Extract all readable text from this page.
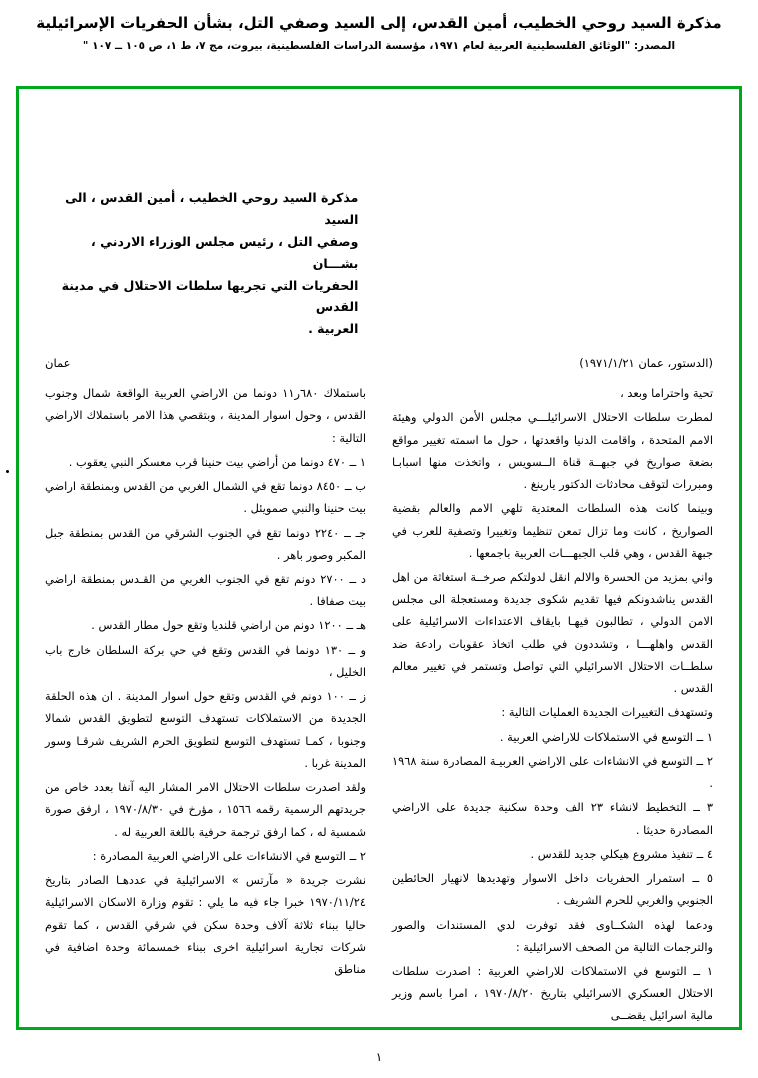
مذكرة السيد روحي الخطيب، أمين القدس، إلى السيد وصفي التل، بشأن الحفريات الإسرائيلية
المصدر: "الوثائق الفلسطينية العربية لعام ١٩٧١، مؤسسة الدراسات الفلسطينية، بيروت، مج ٧، ط ١، ص ١٠٥ ــ ١٠٧ "
مذكرة السيد روحي الخطيب ، أمين القدس ، الى السيد
وصفي التل ، رئيس مجلس الوزراء الاردني ، بشـــان
الحفريات التي تجريها سلطات الاحتلال في مدينة القدس
العربية .
(الدستور، عمان ١٩٧١/١/٢١)
عمان

تحية واحتراما وبعد ،

لمطرت سلطات الاحتلال الاسرائيلـــي مجلس الأمن الدولي وهيئة الامم المتحدة ، واقامت الدنيا واقعدتها ، حول ما اسمته تغيير مواقع بضعة صواريخ في جبهــة قناة الــسويس ، واتخذت منها اسبابـا ومبررات لتوقف محادثات الدكتور يارينغ .

وبينما كانت هذه السلطات المعتدية تلهي الامم والعالم بقضية الصواريخ ، كانت وما تزال تمعن تنظيما وتغييرا وتصفية للعرب في جبهة القدس ، وهي قلب الجبهـــات العربية باجمعها .

واني بمزيد من الحسرة والالم انقل لدولتكم صرخــة استغاثة من اهل القدس يناشدونكم فيها تقديم شكوى جديدة ومستعجلة الى مجلس الامن الدولي ، تطالبون فيهـا بايقاف الاعتداءات الاسرائيلية على القدس واهلهـــا ، وتشددون في طلب اتخاذ عقوبات رادعة ضد سلطــات الاحتلال الاسرائيلي التي تواصل وتستمر في تغيير معالم القدس .

وتستهدف التغييرات الجديدة العمليات التالية :

١ ــ التوسع في الاستملاكات للاراضي العربية .

٢ ــ التوسع في الانشاءات على الاراضي العربيـة المصادرة سنة ١٩٦٨ .

٣ ــ التخطيط لانشاء ٢٣ الف وحدة سكنية جديدة على الاراضي المصادرة حديثا .

٤ ــ تنفيذ مشروع هيكلي جديد للقدس .

٥ ــ استمرار الحفريات داخل الاسوار وتهديدها لانهيار الحائطين الجنوبي والغربي للحرم الشريف .

ودعما لهذه الشكــاوى فقد توفرت لدي المستندات والصور والترجمات التالية من الصحف الاسرائيلية :

١ ــ التوسع في الاستملاكات للاراضي العربية : اصدرت سلطات الاحتلال العسكري الاسرائيلي بتاريخ ١٩٧٠/٨/٢٠ ، امرا باسم وزير مالية اسرائيل يقضــى

باستملاك ٦٨٠ر١١ دونما من الاراضي العربية الواقعة شمال وجنوب القدس ، وحول اسوار المدينة ، وبتقصي هذا الامر باستملاك الاراضي التالية :

١ ــ ٤٧٠ دونما من أراضي بيت حنينا قرب معسكر النبي يعقوب .

ب ــ ٨٤٥٠ دونما تقع في الشمال الغربي من القدس وبمنطقة اراضي بيت حنينا والنبي صمويئل .

جـ ــ ٢٢٤٠ دونما تقع في الجنوب الشرقي من القدس بمنطقة جبل المكبر وصور باهر .

د ــ ٢٧٠٠ دونم تقع في الجنوب الغربي من القـدس بمنطقة اراضي بيت صفافا .

هـ ــ ١٢٠٠ دونم من اراضي قلنديا وتقع حول مطار القدس .

و ــ ١٣٠ دونما في القدس وتقع في حي بركة السلطان خارج باب الخليل ،

ز ــ ١٠٠ دونم في القدس وتقع حول اسوار المدينة . ان هذه الحلقة الجديدة من الاستملاكات تستهدف التوسع لتطويق القدس شمالا وجنوبا ، كمـا تستهدف التوسع لتطويق الحرم الشريف شرقـا وسور المدينة غربا .

ولقد اصدرت سلطات الاحتلال الامر المشار اليه آنفا بعدد خاص من جريدتهم الرسمية رقمه ١٥٦٦ ، مؤرخ في ١٩٧٠/٨/٣٠ ، ارفق صورة شمسية له ، كما ارفق ترجمة حرفية باللغة العربية له .

٢ ــ التوسع في الانشاءات على الاراضي العربية المصادرة :

نشرت جريدة « مآرتس » الاسرائيلية في عددهـا الصادر بتاريخ ١٩٧٠/١١/٢٤ خبرا جاء فيه ما يلي : تقوم وزارة الاسكان الاسرائيلية حاليا ببناء ثلاثة آلاف وحدة سكن في شرقي القدس ، كما تقوم شركات تجارية اسرائيلية اخرى ببناء خمسمائة وحدة اضافية في مناطق

١
